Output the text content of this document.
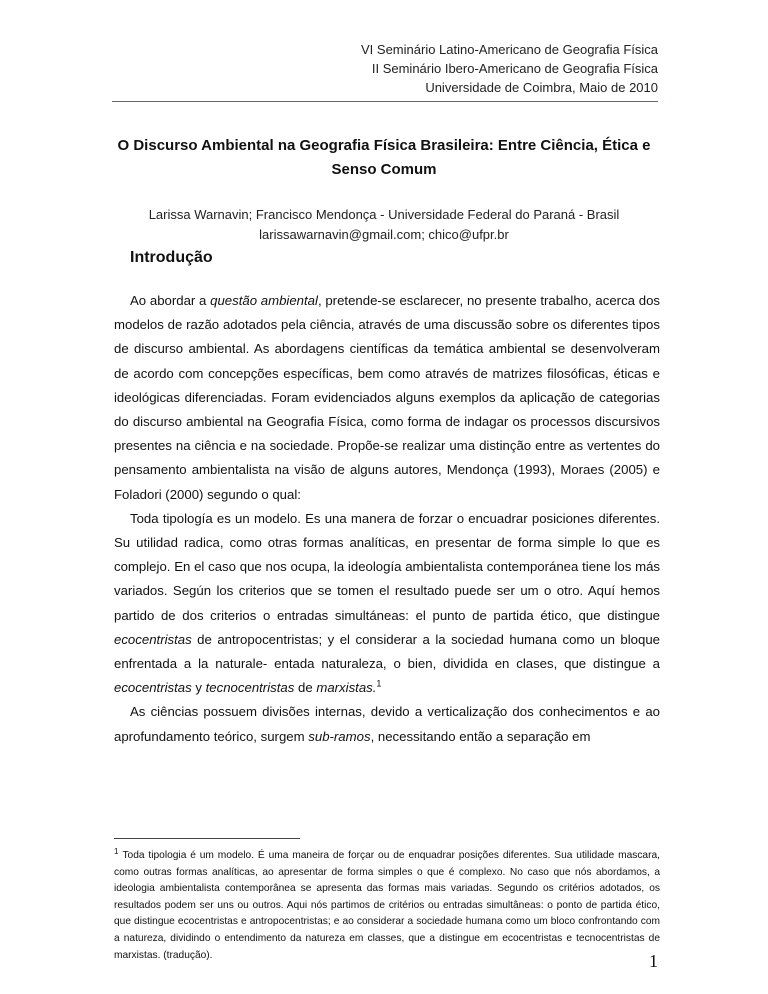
VI Seminário Latino-Americano de Geografia Física
II Seminário Ibero-Americano de Geografia Física
Universidade de Coimbra, Maio de 2010
O Discurso Ambiental na Geografia Física Brasileira: Entre Ciência, Ética e Senso Comum
Larissa Warnavin; Francisco Mendonça - Universidade Federal do Paraná - Brasil
larissawarnavin@gmail.com; chico@ufpr.br
Introdução

Ao abordar a questão ambiental, pretende-se esclarecer, no presente trabalho, acerca dos modelos de razão adotados pela ciência, através de uma discussão sobre os diferentes tipos de discurso ambiental. As abordagens científicas da temática ambiental se desenvolveram de acordo com concepções específicas, bem como através de matrizes filosóficas, éticas e ideológicas diferenciadas. Foram evidenciados alguns exemplos da aplicação de categorias do discurso ambiental na Geografia Física, como forma de indagar os processos discursivos presentes na ciência e na sociedade. Propõe-se realizar uma distinção entre as vertentes do pensamento ambientalista na visão de alguns autores, Mendonça (1993), Moraes (2005) e Foladori (2000) segundo o qual:

Toda tipología es un modelo. Es una manera de forzar o encuadrar posiciones diferentes. Su utilidad radica, como otras formas analíticas, en presentar de forma simple lo que es complejo. En el caso que nos ocupa, la ideología ambientalista contemporánea tiene los más variados. Según los criterios que se tomen el resultado puede ser um o otro. Aquí hemos partido de dos criterios o entradas simultáneas: el punto de partida ético, que distingue ecocentristas de antropocentristas; y el considerar a la sociedad humana como un bloque enfrentada a la naturale- entada naturaleza, o bien, dividida en clases, que distingue a ecocentristas y tecnocentristas de marxistas.$^1$

As ciências possuem divisões internas, devido a verticalização dos conhecimentos e ao aprofundamento teórico, surgem sub-ramos, necessitando então a separação em

$^1$ Toda tipologia é um modelo. É uma maneira de forçar ou de enquadrar posições diferentes. Sua utilidade mascara, como outras formas analíticas, ao apresentar de forma simples o que é complexo. No caso que nós abordamos, a ideologia ambientalista contemporânea se apresenta das formas mais variadas. Segundo os critérios adotados, os resultados podem ser uns ou outros. Aqui nós partimos de critérios ou entradas simultâneas: o ponto de partida ético, que distingue ecocentristas e antropocentristas; e ao considerar a sociedade humana como um bloco confrontando com a natureza, dividindo o entendimento da natureza em classes, que a distingue em ecocentristas e tecnocentristas de marxistas. (tradução).	1
